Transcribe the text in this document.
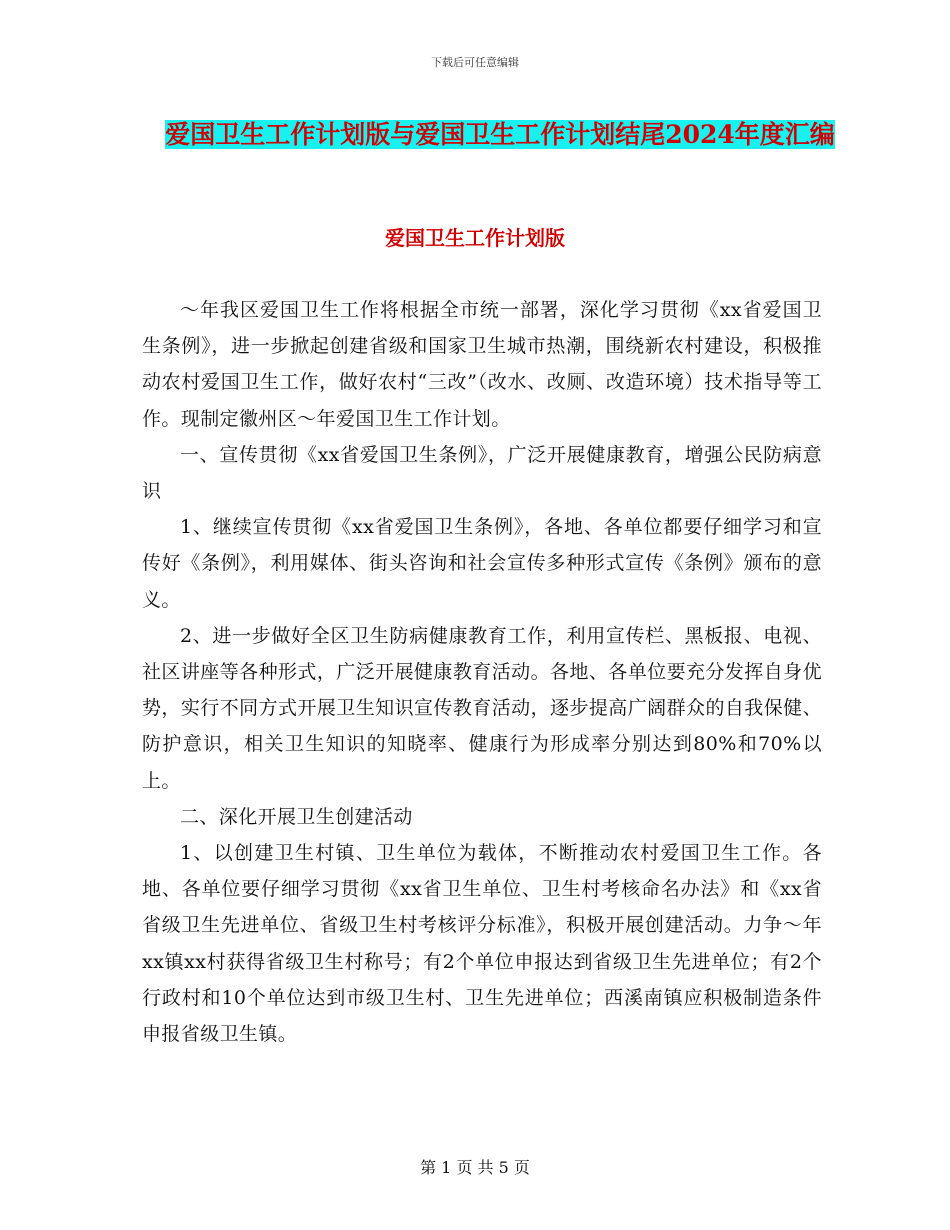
下载后可任意编辑
爱国卫生工作计划版与爱国卫生工作计划结尾2024年度汇编
爱国卫生工作计划版

～年我区爱国卫生工作将根据全市统一部署，深化学习贯彻《xx省爱国卫生条例》，进一步掀起创建省级和国家卫生城市热潮，围绕新农村建设，积极推动农村爱国卫生工作，做好农村“三改”（改水、改厕、改造环境）技术指导等工作。现制定徽州区～年爱国卫生工作计划。

一、宣传贯彻《xx省爱国卫生条例》，广泛开展健康教育，增强公民防病意识

1、继续宣传贯彻《xx省爱国卫生条例》，各地、各单位都要仔细学习和宣传好《条例》，利用媒体、街头咨询和社会宣传多种形式宣传《条例》颁布的意义。

2、进一步做好全区卫生防病健康教育工作，利用宣传栏、黑板报、电视、社区讲座等各种形式，广泛开展健康教育活动。各地、各单位要充分发挥自身优势，实行不同方式开展卫生知识宣传教育活动，逐步提高广阔群众的自我保健、防护意识，相关卫生知识的知晓率、健康行为形成率分别达到80%和70%以上。

二、深化开展卫生创建活动

1、以创建卫生村镇、卫生单位为载体，不断推动农村爱国卫生工作。各地、各单位要仔细学习贯彻《xx省卫生单位、卫生村考核命名办法》和《xx省省级卫生先进单位、省级卫生村考核评分标准》，积极开展创建活动。力争～年xx镇xx村获得省级卫生村称号；有2个单位申报达到省级卫生先进单位；有2个行政村和10个单位达到市级卫生村、卫生先进单位；西溪南镇应积极制造条件申报省级卫生镇。

第 1 页 共 5 页
